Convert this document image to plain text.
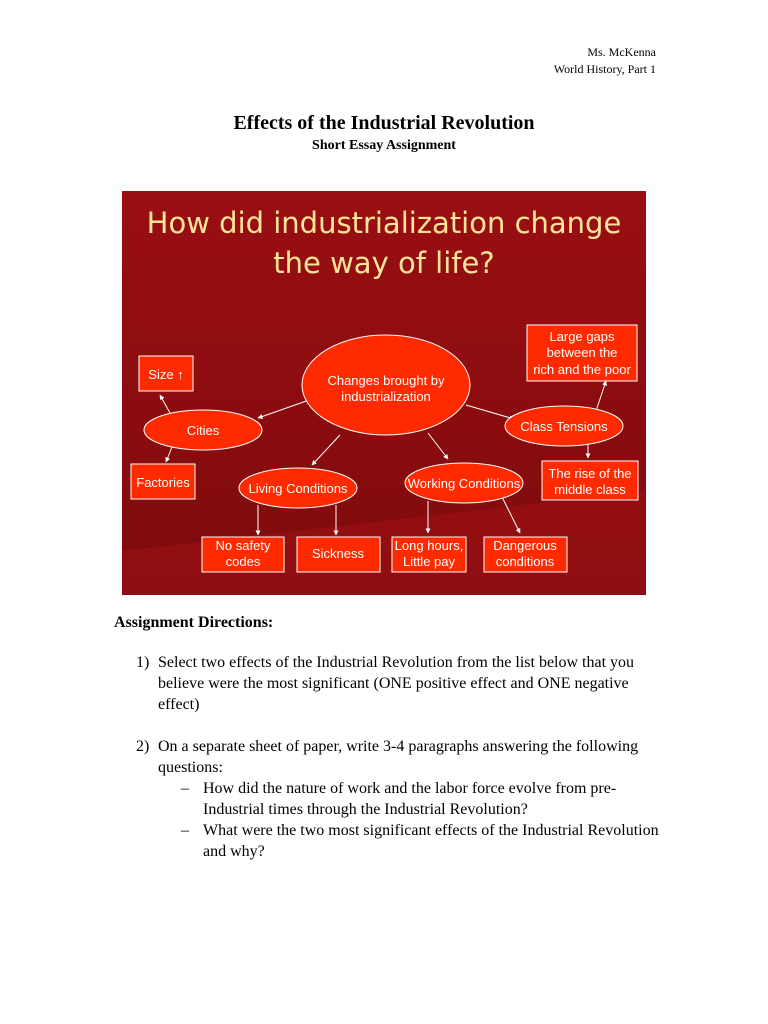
Ms. McKenna
World History, Part 1
Effects of the Industrial Revolution
Short Essay Assignment
How did industrialization change
the way of life?
Changes brought by
industrialization
Cities	Class Tensions
Living Conditions	Working Conditions
Size ↑
Factories
Large gaps
between the
rich and the poor
The rise of the
middle class
No safety
codes
Sickness
Long hours,
Little pay
Dangerous
conditions
Assignment Directions:
1) Select two effects of the Industrial Revolution from the list below that you believe were the most significant (ONE positive effect and ONE negative effect)
2) On a separate sheet of paper, write 3-4 paragraphs answering the following questions:
– How did the nature of work and the labor force evolve from pre-Industrial times through the Industrial Revolution?
– What were the two most significant effects of the Industrial Revolution and why?
